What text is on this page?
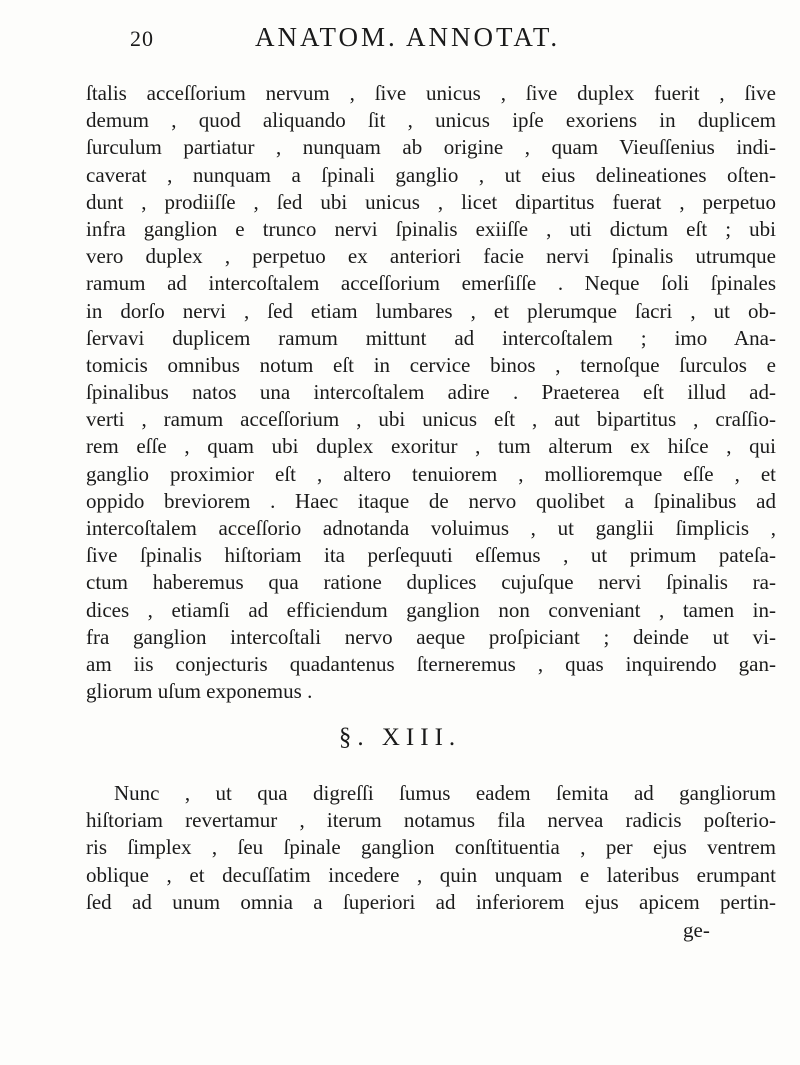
20	ANATOM. ANNOTAT.
ſtalis acceſſorium nervum , ſive unicus , ſive duplex fuerit , ſive
demum , quod aliquando ſit , unicus ipſe exoriens in duplicem
ſurculum partiatur , nunquam ab origine , quam Vieuſſenius indi-
caverat , nunquam a ſpinali ganglio , ut eius delineationes oſten-
dunt , prodiiſſe , ſed ubi unicus , licet dipartitus fuerat , perpetuo
infra ganglion e trunco nervi ſpinalis exiiſſe , uti dictum eſt ; ubi
vero duplex , perpetuo ex anteriori facie nervi ſpinalis utrumque
ramum ad intercoſtalem acceſſorium emerſiſſe . Neque ſoli ſpinales
in dorſo nervi , ſed etiam lumbares , et plerumque ſacri , ut ob-
ſervavi duplicem ramum mittunt ad intercoſtalem ; imo Ana-
tomicis omnibus notum eſt in cervice binos , ternoſque ſurculos e
ſpinalibus natos una intercoſtalem adire . Praeterea eſt illud ad-
verti , ramum acceſſorium , ubi unicus eſt , aut bipartitus , craſſio-
rem eſſe , quam ubi duplex exoritur , tum alterum ex hiſce , qui
ganglio proximior eſt , altero tenuiorem , mollioremque eſſe , et
oppido breviorem . Haec itaque de nervo quolibet a ſpinalibus ad
intercoſtalem acceſſorio adnotanda voluimus , ut ganglii ſimplicis ,
ſive ſpinalis hiſtoriam ita perſequuti eſſemus , ut primum pateſa-
ctum haberemus qua ratione duplices cujuſque nervi ſpinalis ra-
dices , etiamſi ad efficiendum ganglion non conveniant , tamen in-
fra ganglion intercoſtali nervo aeque proſpiciant ; deinde ut vi-
am iis conjecturis quadantenus ſterneremus , quas inquirendo gan-
gliorum uſum exponemus .
§. XIII.
Nunc , ut qua digreſſi ſumus eadem ſemita ad gangliorum
hiſtoriam revertamur , iterum notamus fila nervea radicis poſterio-
ris ſimplex , ſeu ſpinale ganglion conſtituentia , per ejus ventrem
oblique , et decuſſatim incedere , quin unquam e lateribus erumpant
ſed ad unum omnia a ſuperiori ad inferiorem ejus apicem pertin-
ge-
